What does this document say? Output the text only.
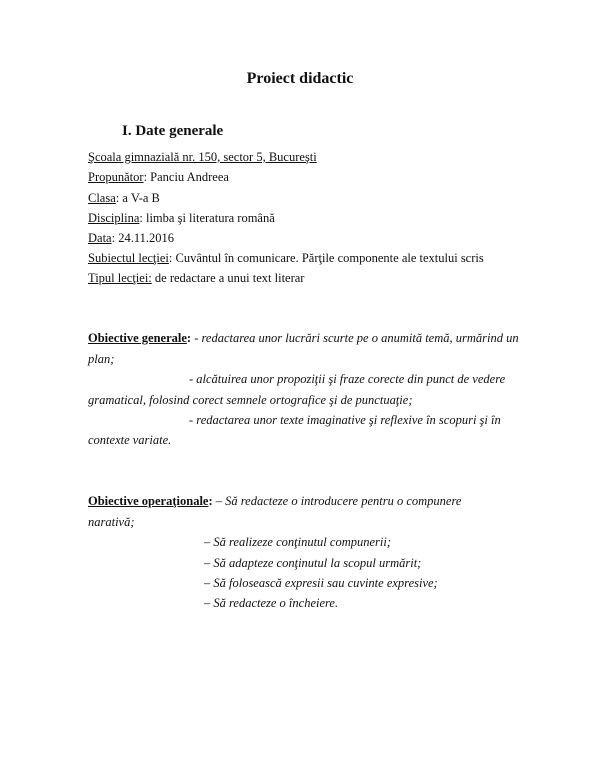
Proiect didactic
I. Date generale
Şcoala gimnazială nr. 150, sector 5, Bucureşti
Propunător: Panciu Andreea
Clasa: a V-a B
Disciplina: limba şi literatura română
Data: 24.11.2016
Subiectul lecţiei: Cuvântul în comunicare. Părţile componente ale textului scris
Tipul lecţiei: de redactare a unui text literar
Obiective generale: - redactarea unor lucrări scurte pe o anumită temă, urmărind un
plan;
- alcătuirea unor propoziţii şi fraze corecte din punct de vedere
gramatical, folosind corect semnele ortografice şi de punctuaţie;
- redactarea unor texte imaginative şi reflexive în scopuri şi în
contexte variate.
Obiective operaţionale: – Să redacteze o introducere pentru o compunere
narativă;
– Să realizeze conţinutul compunerii;
– Să adapteze conţinutul la scopul urmărit;
– Să folosească expresii sau cuvinte expresive;
– Să redacteze o încheiere.
